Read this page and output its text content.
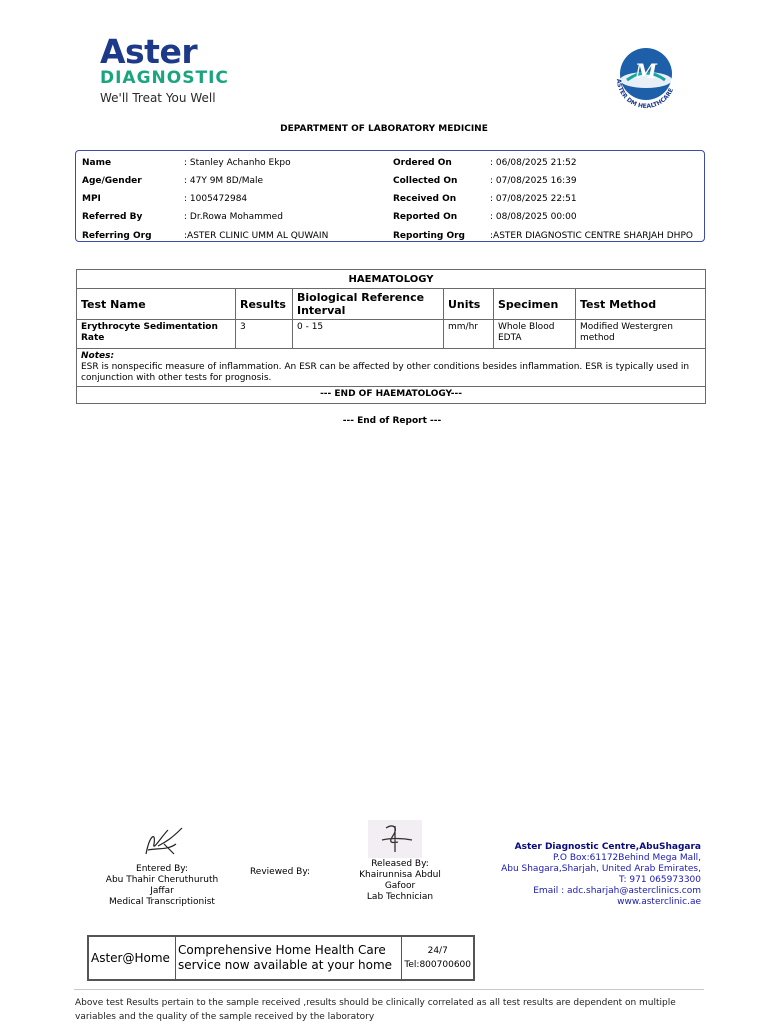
Aster
DIAGNOSTIC
We'll Treat You Well
M
ASTER DM HEALTHCARE
DEPARTMENT OF LABORATORY MEDICINE
Name	: Stanley Achanho Ekpo
Age/Gender	: 47Y 9M 8D/Male
MPI	: 1005472984
Referred By	: Dr.Rowa Mohammed
Referring Org	:ASTER CLINIC UMM AL QUWAIN
Ordered On	: 06/08/2025 21:52
Collected On	: 07/08/2025 16:39
Received On	: 07/08/2025 22:51
Reported On	: 08/08/2025 00:00
Reporting Org	:ASTER DIAGNOSTIC CENTRE SHARJAH DHPO
HAEMATOLOGY					
Test Name	Results	Biological Reference Interval	Units	Specimen	Test Method
Erythrocyte Sedimentation Rate	3	0 - 15	mm/hr	Whole Blood EDTA	Modified Westergren method

Notes:
ESR is nonspecific measure of inflammation. An ESR can be affected by other conditions besides inflammation. ESR is typically used in conjunction with other tests for prognosis.					

--- END OF HAEMATOLOGY---					
--- End of Report ---
Entered By:
Abu Thahir Cheruthuruth
Jaffar
Medical Transcriptionist
Reviewed By:
Released By:
Khairunnisa Abdul
Gafoor
Lab Technician
Aster Diagnostic Centre,AbuShagara
P.O Box:61172Behind Mega Mall,
Abu Shagara,Sharjah, United Arab Emirates,
T: 971 065973300
Email : adc.sharjah@asterclinics.com
www.asterclinic.ae
Aster@Home	Comprehensive Home Health Care service now available at your home	
24/7
Tel:800700600
Above test Results pertain to the sample received ,results should be clinically correlated as all test results are dependent on multiple variables and the quality of the sample received by the laboratory
